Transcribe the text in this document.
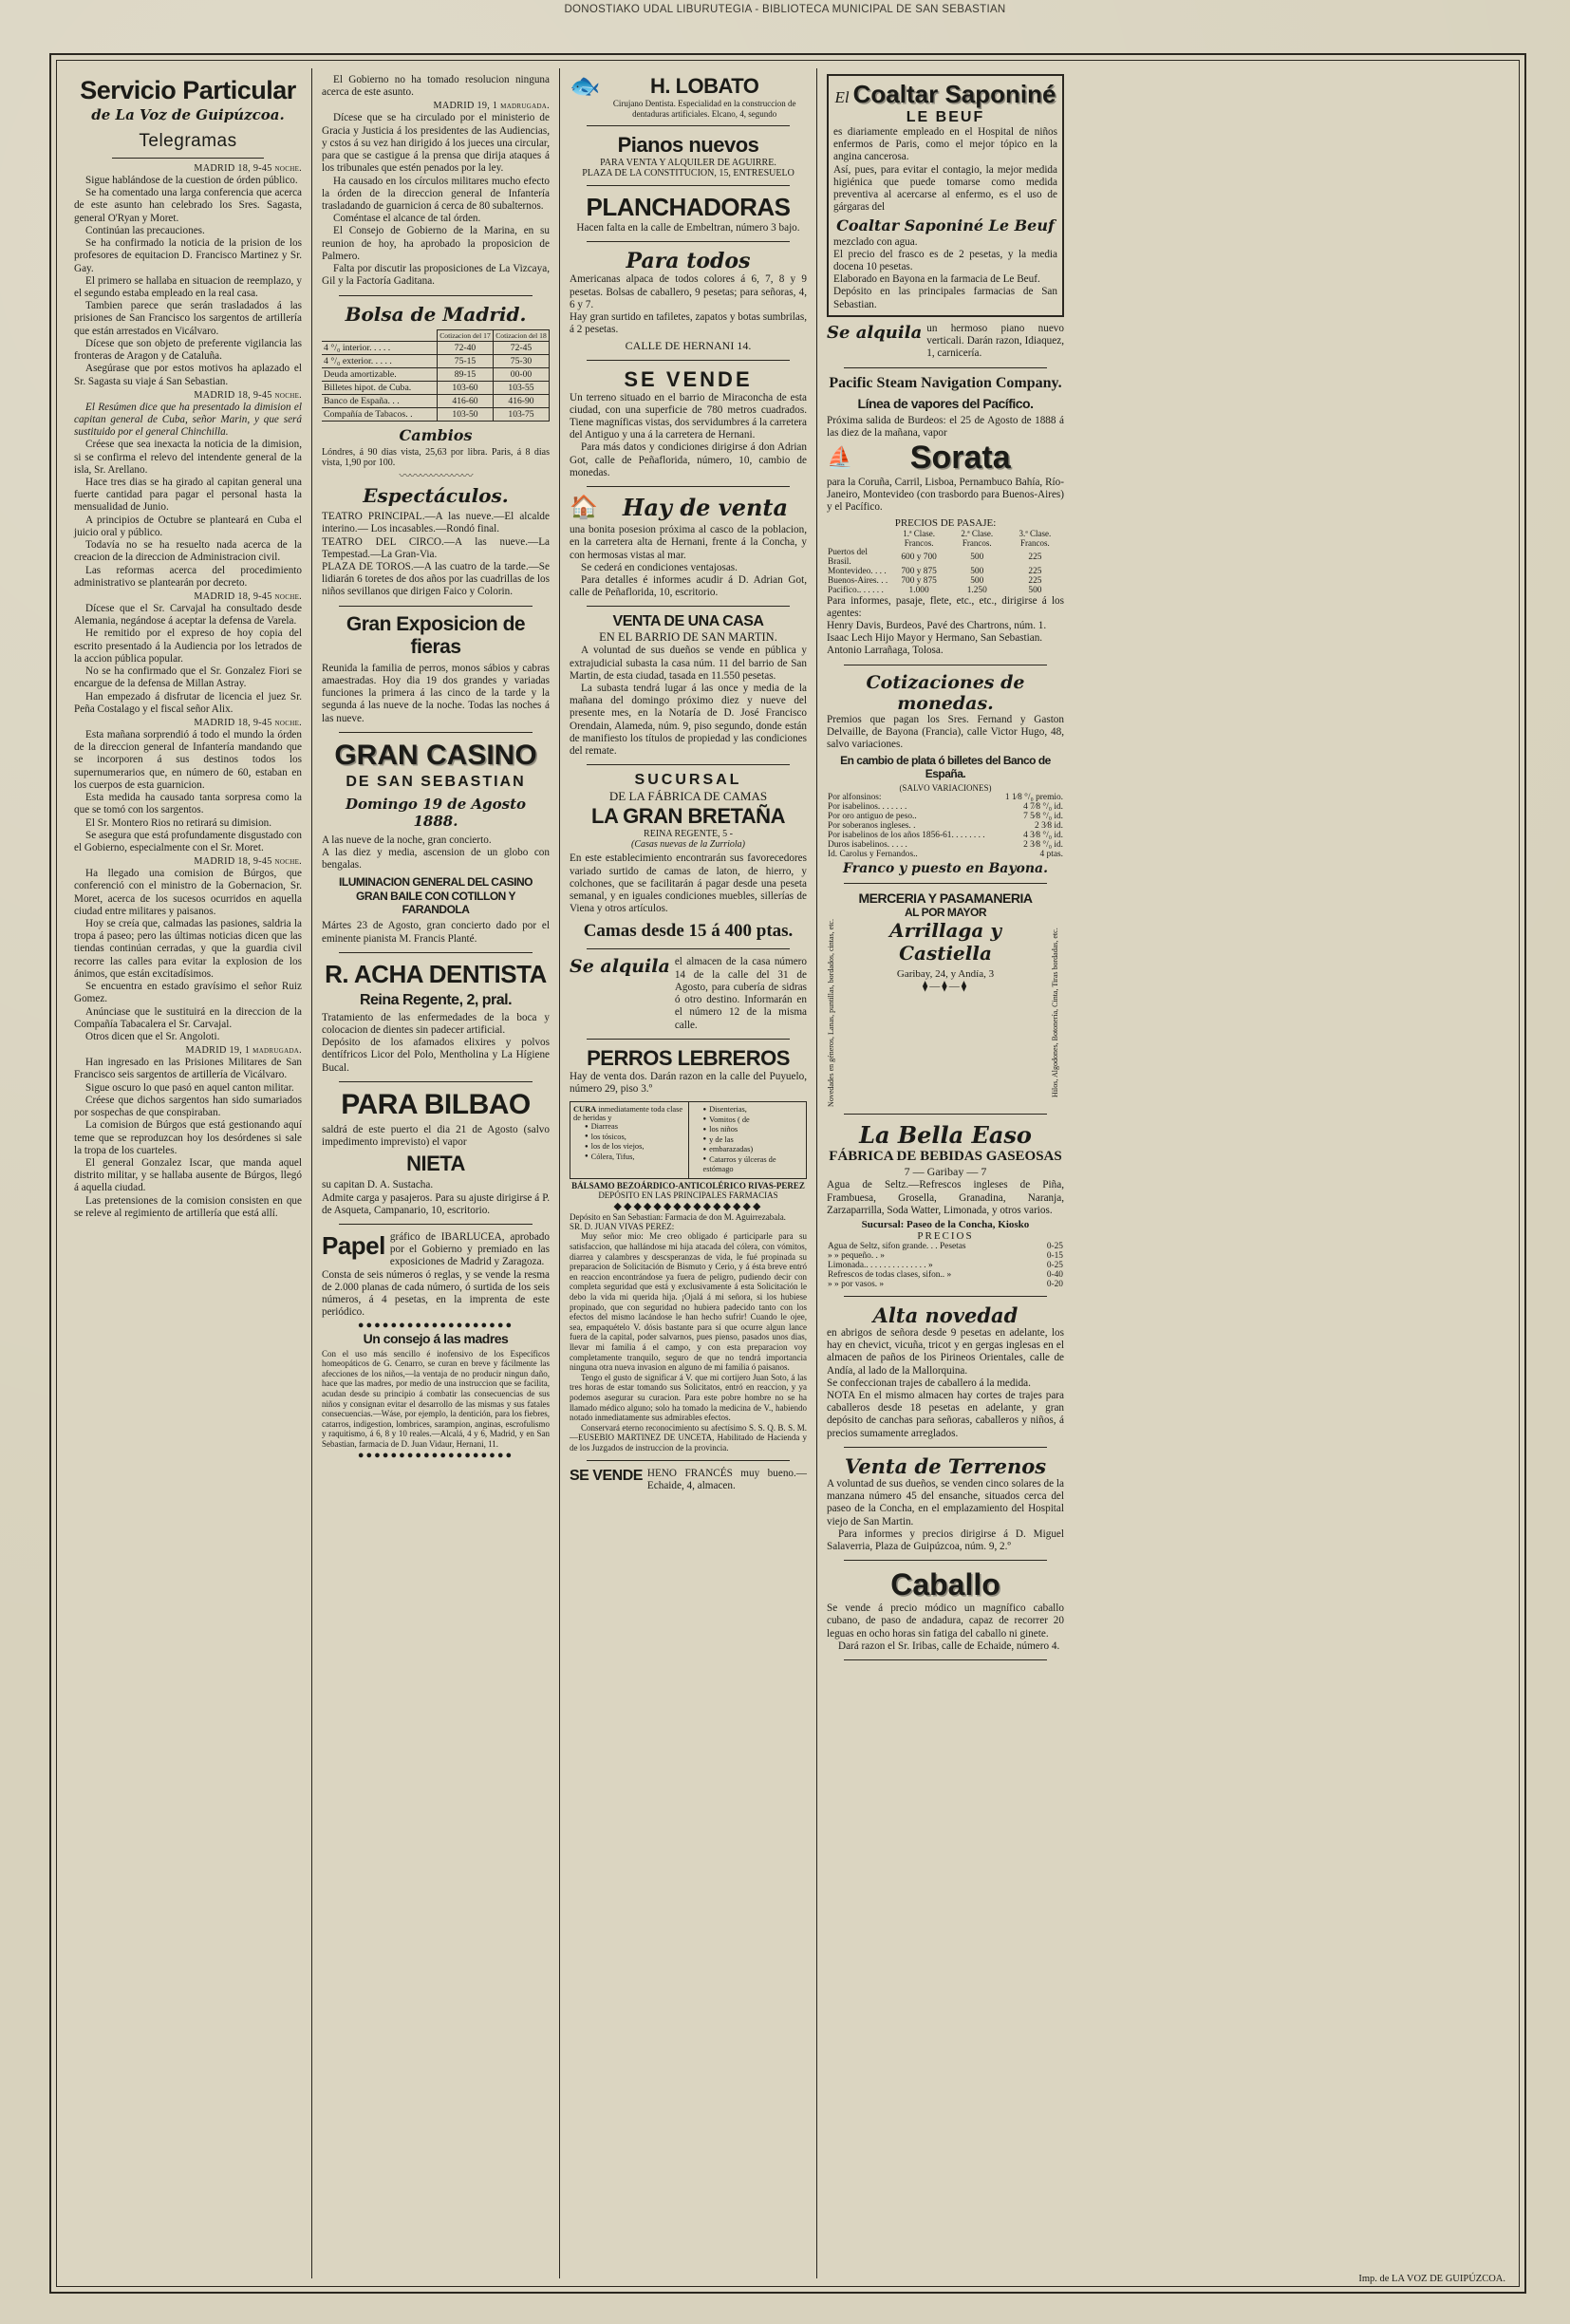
DONOSTIAKO UDAL LIBURUTEGIA - BIBLIOTECA MUNICIPAL DE SAN SEBASTIAN
Servicio Particular
de La Voz de Guipúzcoa.
Telegramas
MADRID 18, 9-45 noche.

Sigue hablándose de la cuestion de órden público.

Se ha comentado una larga conferencia que acerca de este asunto han celebrado los Sres. Sagasta, general O'Ryan y Moret.

Continúan las precauciones.

Se ha confirmado la noticia de la prision de los profesores de equitacion D. Francisco Martinez y Sr. Gay.

El primero se hallaba en situacion de reemplazo, y el segundo estaba empleado en la real casa.

Tambien parece que serán trasladados á las prisiones de San Francisco los sargentos de artillería que están arrestados en Vicálvaro.

Dícese que son objeto de preferente vigilancia las fronteras de Aragon y de Cataluña.

Asegúrase que por estos motivos ha aplazado el Sr. Sagasta su viaje á San Sebastian.

MADRID 18, 9-45 noche.

El Resúmen dice que ha presentado la dimision el capitan general de Cuba, señor Marin, y que será sustituido por el general Chinchilla.

Créese que sea inexacta la noticia de la dimision, si se confirma el relevo del intendente general de la isla, Sr. Arellano.

Hace tres dias se ha girado al capitan general una fuerte cantidad para pagar el personal hasta la mensualidad de Junio.

A principios de Octubre se planteará en Cuba el juicio oral y público.

Todavía no se ha resuelto nada acerca de la creacion de la direccion de Administracion civil.

Las reformas acerca del procedimiento administrativo se plantearán por decreto.

MADRID 18, 9-45 noche.

Dícese que el Sr. Carvajal ha consultado desde Alemania, negándose á aceptar la defensa de Varela.

He remitido por el expreso de hoy copia del escrito presentado á la Audiencia por los letrados de la accion pública popular.

No se ha confirmado que el Sr. Gonzalez Fiori se encargue de la defensa de Millan Astray.

Han empezado á disfrutar de licencia el juez Sr. Peña Costalago y el fiscal señor Alix.

MADRID 18, 9-45 noche.

Esta mañana sorprendió á todo el mundo la órden de la direccion general de Infantería mandando que se incorporen á sus destinos todos los supernumerarios que, en número de 60, estaban en los cuerpos de esta guarnicion.

Esta medida ha causado tanta sorpresa como la que se tomó con los sargentos.

El Sr. Montero Rios no retirará su dimision.

Se asegura que está profundamente disgustado con el Gobierno, especialmente con el Sr. Moret.

MADRID 18, 9-45 noche.

Ha llegado una comision de Búrgos, que conferenció con el ministro de la Gobernacion, Sr. Moret, acerca de los sucesos ocurridos en aquella ciudad entre militares y paisanos.

Hoy se creía que, calmadas las pasiones, saldria la tropa á paseo; pero las últimas noticias dicen que las tiendas continúan cerradas, y que la guardia civil recorre las calles para evitar la explosion de los ánimos, que están excitadísimos.

Se encuentra en estado gravísimo el señor Ruiz Gomez.

Anúnciase que le sustituirá en la direccion de la Compañía Tabacalera el Sr. Carvajal.

Otros dicen que el Sr. Angoloti.

MADRID 19, 1 madrugada.

Han ingresado en las Prisiones Militares de San Francisco seis sargentos de artillería de Vicálvaro.

Sigue oscuro lo que pasó en aquel canton militar.

Créese que dichos sargentos han sido sumariados por sospechas de que conspiraban.

La comision de Búrgos que está gestionando aquí teme que se reproduzcan hoy los desórdenes si sale la tropa de los cuarteles.

El general Gonzalez Iscar, que manda aquel distrito militar, y se hallaba ausente de Búrgos, llegó á aquella ciudad.

Las pretensiones de la comision consisten en que se releve al regimiento de artillería que está allí.

El Gobierno no ha tomado resolucion ninguna acerca de este asunto.

MADRID 19, 1 madrugada.

Dícese que se ha circulado por el ministerio de Gracia y Justicia á los presidentes de las Audiencias, y cstos á su vez han dirigido á los jueces una circular, para que se castigue á la prensa que dirija ataques á los tribunales que estén penados por la ley.

Ha causado en los círculos militares mucho efecto la órden de la direccion general de Infantería trasladando de guarnicion á cerca de 80 subalternos.

Coméntase el alcance de tal órden.

El Consejo de Gobierno de la Marina, en su reunion de hoy, ha aprobado la proposicion de Palmero.

Falta por discutir las proposiciones de La Vizcaya, Gil y la Factoría Gaditana.

Bolsa de Madrid.
	Cotizacion del 17	Cotizacion del 18
4 °/₀ interior. . . . .	72-40	72-45
4 °/₀ exterior. . . . .	75-15	75-30
Deuda amortizable.	89-15	00-00
Billetes hipot. de Cuba.	103-60	103-55
Banco de España. . .	416-60	416-90
Compañía de Tabacos. .	103-50	103-75
Cambios

Lóndres, á 90 dias vista, 25,63 por libra. Paris, á 8 dias vista, 1,90 por 100.

〰〰〰〰〰〰〰
Espectáculos.

TEATRO PRINCIPAL.—A las nueve.—El alcalde interino.— Los incasables.—Rondó final.

TEATRO DEL CIRCO.—A las nueve.—La Tempestad.—La Gran-Via.

PLAZA DE TOROS.—A las cuatro de la tarde.—Se lidiarán 6 toretes de dos años por las cuadrillas de los niños sevillanos que dirigen Faico y Colorin.

Gran Exposicion de fieras

Reunida la familia de perros, monos sábios y cabras amaestradas. Hoy dia 19 dos grandes y variadas funciones la primera á las cinco de la tarde y la segunda á las nueve de la noche. Todas las noches á las nueve.

GRAN CASINO
DE SAN SEBASTIAN
Domingo 19 de Agosto 1888.

A las nueve de la noche, gran concierto.

A las diez y media, ascension de un globo con bengalas.

ILUMINACION GENERAL DEL CASINO
GRAN BAILE CON COTILLON Y FARANDOLA

Mártes 23 de Agosto, gran concierto dado por el eminente pianista M. Francis Planté.

R. ACHA DENTISTA
Reina Regente, 2, pral.

Tratamiento de las enfermedades de la boca y colocacion de dientes sin padecer artificial.

Depósito de los afamados elixires y polvos dentífricos Licor del Polo, Mentholina y La Hígiene Bucal.

PARA BILBAO

saldrá de este puerto el dia 21 de Agosto (salvo impedimento imprevisto) el vapor

NIETA

su capitan D. A. Sustacha.

Admite carga y pasajeros. Para su ajuste dirigirse á P. de Asqueta, Campanario, 10, escritorio.

Papel gráfico de IBARLUCEA, aprobado por el Gobierno y premiado en las exposiciones de Madrid y Zaragoza.

Consta de seis números ó reglas, y se vende la resma de 2.000 planas de cada número, ó surtida de los seis números, á 4 pesetas, en la imprenta de este periódico.

●●●●●●●●●●●●●●●●●●●
Un consejo á las madres

Con el uso más sencillo é inofensivo de los Específicos homeopáticos de G. Cenarro, se curan en breve y fácilmente las afecciones de los niños,—la ventaja de no producir ningun daño, hace que las madres, por medio de una instruccion que se facilita, acudan desde su principio á combatir las consecuencias de sus niños y consignan evitar el desarrollo de las mismas y sus fatales consecuencias.—Wáse, por ejemplo, la dentición, para los fiebres, catarros, indigestion, lombrices, sarampion, anginas, escrofulismo y raquitismo, á 6, 8 y 10 reales.—Alcalá, 4 y 6, Madrid, y en San Sebastian, farmacia de D. Juan Vidaur, Hernani, 11.

●●●●●●●●●●●●●●●●●●●
🐟	H. LOBATO

Cirujano Dentista. Especialidad en la construccion de dentaduras artificiales. Elcano, 4, segundo

Pianos nuevos
PARA VENTA Y ALQUILER DE AGUIRRE.
PLAZA DE LA CONSTITUCION, 15, ENTRESUELO
PLANCHADORAS

Hacen falta en la calle de Embeltran, número 3 bajo.

Para todos

Americanas alpaca de todos colores á 6, 7, 8 y 9 pesetas. Bolsas de caballero, 9 pesetas; para señoras, 4, 6 y 7.

Hay gran surtido en tafiletes, zapatos y botas sumbrilas, á 2 pesetas.

CALLE DE HERNANI 14.
SE VENDE

Un terreno situado en el barrio de Miraconcha de esta ciudad, con una superficie de 780 metros cuadrados. Tiene magníficas vistas, dos servidumbres á la carretera del Antiguo y una á la carretera de Hernani.

Para más datos y condiciones dirigirse á don Adrian Got, calle de Peñaflorida, número, 10, cambio de monedas.

🏠	Hay de venta

una bonita posesion próxima al casco de la poblacion, en la carretera alta de Hernani, frente á la Concha, y con hermosas vistas al mar.

Se cederá en condiciones ventajosas.

Para detalles é informes acudir á D. Adrian Got, calle de Peñaflorida, 10, escritorio.

VENTA DE UNA CASA
EN EL BARRIO DE SAN MARTIN.

A voluntad de sus dueños se vende en pública y extrajudicial subasta la casa núm. 11 del barrio de San Martin, de esta ciudad, tasada en 11.550 pesetas.

La subasta tendrá lugar á las once y media de la mañana del domingo próximo diez y nueve del presente mes, en la Notaría de D. José Francisco Orendain, Alameda, núm. 9, piso segundo, donde están de manifiesto los títulos de propiedad y las condiciones del remate.

SUCURSAL
DE LA FÁBRICA DE CAMAS
LA GRAN BRETAÑA
REINA REGENTE, 5 -
(Casas nuevas de la Zurriola)

En este establecimiento encontrarán sus favorecedores variado surtido de camas de laton, de hierro, y colchones, que se facilitarán á pagar desde una peseta semanal, y en iguales condiciones muebles, sillerías de Viena y otros artículos.

Camas desde 15 á 400 ptas.
Se alquila el almacen de la casa número 14 de la calle del 31 de Agosto, para cubería de sidras ó otro destino. Informarán en el número 12 de la misma calle.

PERROS LEBREROS

Hay de venta dos. Darán razon en la calle del Puyuelo, número 29, piso 3.º

CURA inmediatamente toda clase de heridas y
● Diarreas
● los tósicos,
● los de los viejos,
● Cólera, Tifus,
● Disenterias,
● Vomitos ( de
● los niños
● y de las
● embarazadas)
● Catarros y úlceras de estómago
BÁLSAMO BEZOÁRDICO-ANTICOLÉRICO RIVAS-PEREZ
DEPÓSITO EN LAS PRINCIPALES FARMACIAS
◆◆◆◆◆◆◆◆◆◆◆◆◆◆◆

Depósito en San Sebastian: Farmacia de don M. Aguirrezabala.

SR. D. JUAN VIVAS PEREZ:

Muy señor mio: Me creo obligado é participarle para su satisfaccion, que hallándose mi hija atacada del cólera, con vómitos, diarrea y calambres y descsperanzas de vida, le fué propinada su preparacion de Solicitación de Bismuto y Cerio, y á ésta breve entró en reaccion encontrándose ya fuera de peligro, pudiendo decir con completa seguridad que está y exclusivamente á esta Solicitación le debo la vida mi querida hija. ¡Ojalá á mi señora, si los hubiese propinado, que con seguridad no hubiera padecido tanto con los efectos del mismo lacándose le han hecho sufrir! Cuando le ojee, sea, empaquételo V. dósis bastante para sí que ocurre algun lance fuera de la capital, poder salvarnos, pues pienso, pasados unos dias, llevar mi familia á el campo, y con esta preparacion voy completamente tranquilo, seguro de que no tendrá importancia ninguna otra nueva invasion en alguno de mi familia ó paisanos.

Tengo el gusto de significar á V. que mi cortijero Juan Soto, á las tres horas de estar tomando sus Solicitatos, entró en reaccion, y ya podemos asegurar su curacion. Para este pobre hombre no se ha llamado médico alguno; solo ha tomado la medicina de V., habiendo notado inmediatamente sus admirables efectos.

Conservará eterno reconocimiento su afectísimo S. S. Q. B. S. M.—EUSEBIO MARTINEZ DE UNCETA, Habilitado de Hacienda y de los Juzgados de instruccion de la provincia.

SE VENDE HENO FRANCÉS muy bueno.—Echaide, 4, almacen.

El Coaltar Saponiné
LE BEUF

es diariamente empleado en el Hospital de niños enfermos de Paris, como el mejor tópico en la angina cancerosa.

Así, pues, para evitar el contagio, la mejor medida higiénica que puede tomarse como medida preventiva al acercarse al enfermo, es el uso de gárgaras del

Coaltar Saponiné Le Beuf

mezclado con agua.

El precio del frasco es de 2 pesetas, y la media docena 10 pesetas.

Elaborado en Bayona en la farmacia de Le Beuf.

Depósito en las principales farmacias de San Sebastian.

Se alquila un hermoso piano nuevo verticali. Darán razon, Idiaquez, 1, carnicería.

Pacific Steam Navigation Company.
Línea de vapores del Pacífico.

Próxima salida de Burdeos: el 25 de Agosto de 1888 á las diez de la mañana, vapor

⛵	Sorata

para la Coruña, Carril, Lisboa, Pernambuco Bahía, Río-Janeiro, Montevideo (con trasbordo para Buenos-Aires) y el Pacífico.

PRECIOS DE PASAJE:
	1.ª Clase. Francos.	2.ª Clase. Francos.	3.ª Clase. Francos.
Puertos del Brasil.	600 y 700	500	225
Montevideo. . . .	700 y 875	500	225
Buenos-Aires. . .	700 y 875	500	225
Pacifico.. . . . . .	1.000	1.250	500

Para informes, pasaje, flete, etc., etc., dirigirse á los agentes:

Henry Davis, Burdeos, Pavé des Chartrons, núm. 1.

Isaac Lech Hijo Mayor y Hermano, San Sebastian.

Antonio Larrañaga, Tolosa.

Cotizaciones de monedas.

Premios que pagan los Sres. Fernand y Gaston Delvaille, de Bayona (Francia), calle Victor Hugo, 48, salvo variaciones.

En cambio de plata ó billetes del Banco de España.
(SALVO VARIACIONES)
Por alfonsinos:	1 1⁄8 °/₀ premio.
Por isabelinos. . . . . . .	4 7⁄8 °/₀ id.
Por oro antiguo de peso..	7 5⁄8 °/₀ id.
Por soberanos ingleses. .	2 3⁄8 id.
Por isabelinos de los años 1856-61. . . . . . . .	4 3⁄8 °/₀ id.
Duros isabelinos. . . . .	2 3⁄8 °/₀ id.
Id. Carolus y Fernandos..	4 ptas.
Franco y puesto en Bayona.
MERCERIA Y PASAMANERIA
AL POR MAYOR
Novedades en géneros, Lanas, puntillas, bordados, cintas, etc.	Arrillaga y Castiella
Garibay, 24, y Andía, 3
⧫—⧫—⧫	Hilos, Algodones, Botonería, Cinta, Tiras bordadas, etc.
La Bella Easo
FÁBRICA DE BEBIDAS GASEOSAS
7 — Garibay — 7

Agua de Seltz.—Refrescos ingleses de Piña, Frambuesa, Grosella, Granadina, Naranja, Zarzaparrilla, Soda Watter, Limonada, y otros varios.

Sucursal: Paseo de la Concha, Kiosko
PRECIOS
Agua de Seltz, sifon grande. . . Pesetas	0-25
» » pequeño. . »	0-15
Limonada.. . . . . . . . . . . . . . »	0-25
Refrescos de todas clases, sifon.. »	0-40
» » por vasos. »	0-20
Alta novedad

en abrigos de señora desde 9 pesetas en adelante, los hay en chevict, vicuña, tricot y en gergas inglesas en el almacen de paños de los Pirineos Orientales, calle de Andía, al lado de la Mallorquina.

Se confeccionan trajes de caballero á la medida.

NOTA En el mismo almacen hay cortes de trajes para caballeros desde 18 pesetas en adelante, y gran depósito de canchas para señoras, caballeros y niños, á precios sumamente arreglados.

Venta de Terrenos

A voluntad de sus dueños, se venden cinco solares de la manzana número 45 del ensanche, situados cerca del paseo de la Concha, en el emplazamiento del Hospital viejo de San Martin.

Para informes y precios dirigirse á D. Miguel Salaverria, Plaza de Guipúzcoa, núm. 9, 2.º

Caballo

Se vende á precio módico un magnífico caballo cubano, de paso de andadura, capaz de recorrer 20 leguas en ocho horas sin fatiga del caballo ni ginete.

Dará razon el Sr. Iribas, calle de Echaide, número 4.

Imp. de LA VOZ DE GUIPÚZCOA.
